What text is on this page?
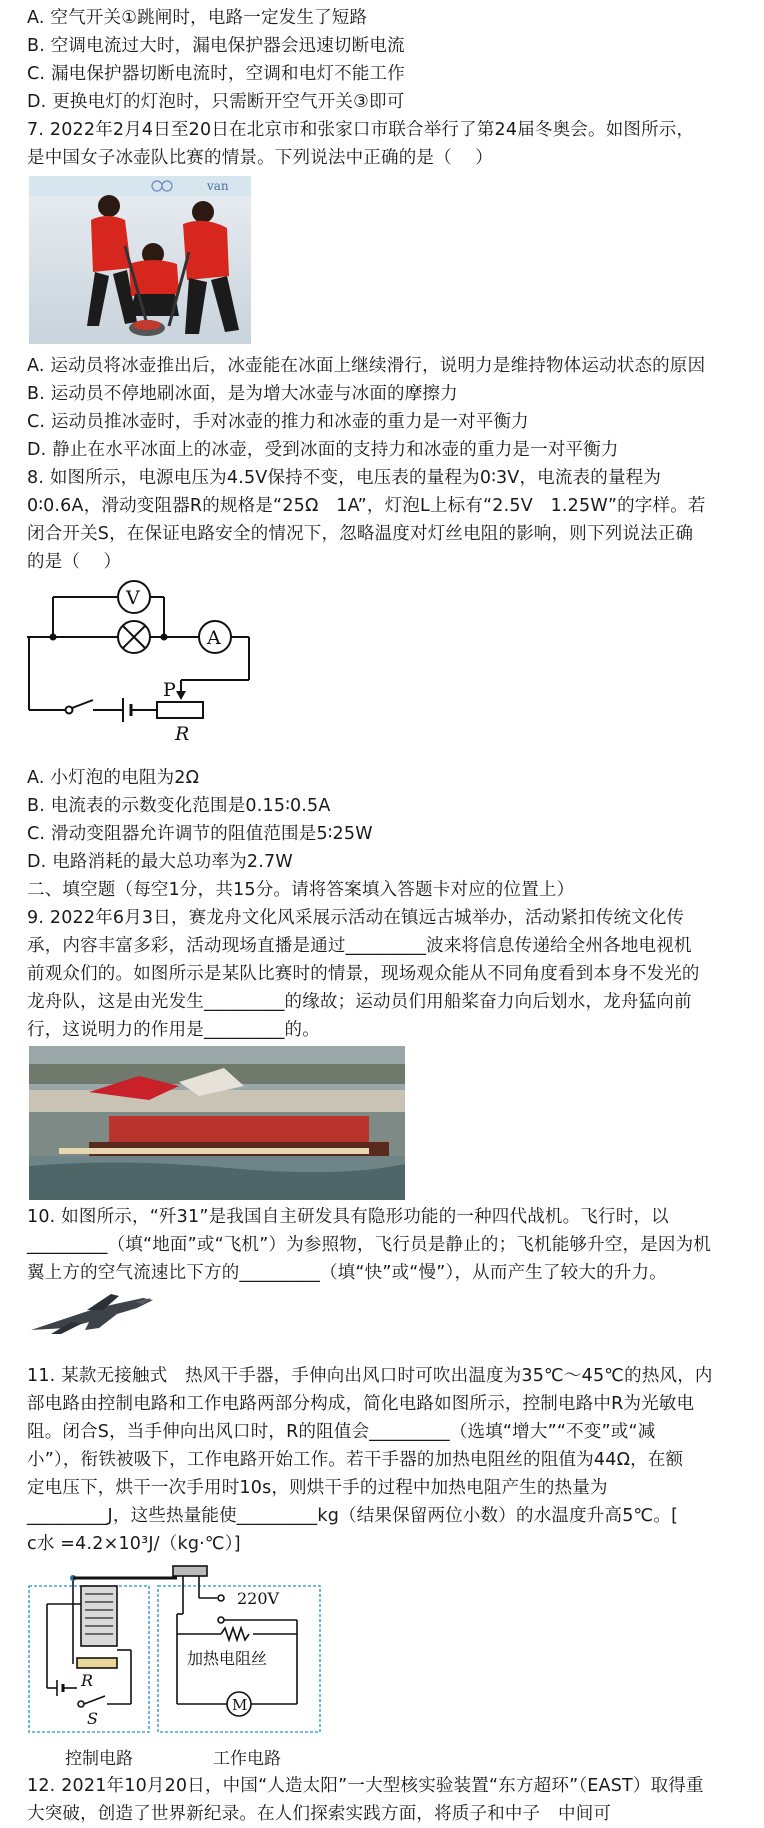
A. 空气开关①跳闸时，电路一定发生了短路
B. 空调电流过大时，漏电保护器会迅速切断电流
C. 漏电保护器切断电流时，空调和电灯不能工作
D. 更换电灯的灯泡时，只需断开空气开关③即可
7. 2022年2月4日至20日在北京市和张家口市联合举行了第24届冬奥会。如图所示，
是中国女子冰壶队比赛的情景。下列说法中正确的是（　 ）
van
A. 运动员将冰壶推出后，冰壶能在冰面上继续滑行，说明力是维持物体运动状态的原因
B. 运动员不停地刷冰面，是为增大冰壶与冰面的摩擦力
C. 运动员推冰壶时，手对冰壶的推力和冰壶的重力是一对平衡力
D. 静止在水平冰面上的冰壶，受到冰面的支持力和冰壶的重力是一对平衡力
8. 如图所示，电源电压为4.5V保持不变，电压表的量程为0∶3V，电流表的量程为
0∶0.6A，滑动变阻器R的规格是“25Ω　1A”，灯泡L上标有“2.5V　1.25W”的字样。若
闭合开关S，在保证电路安全的情况下，忽略温度对灯丝电阻的影响，则下列说法正确
的是（　 ）
V
A
P
R
A. 小灯泡的电阻为2Ω
B. 电流表的示数变化范围是0.15∶0.5A
C. 滑动变阻器允许调节的阻值范围是5∶25W
D. 电路消耗的最大总功率为2.7W
二、填空题（每空1分，共15分。请将答案填入答题卡对应的位置上）
9. 2022年6月3日，赛龙舟文化风采展示活动在镇远古城举办，活动紧扣传统文化传
承，内容丰富多彩，活动现场直播是通过_________波来将信息传递给全州各地电视机
前观众们的。如图所示是某队比赛时的情景，现场观众能从不同角度看到本身不发光的
龙舟队，这是由光发生_________的缘故；运动员们用船桨奋力向后划水，龙舟猛向前
行，这说明力的作用是_________的。
10. 如图所示，“歼31”是我国自主研发具有隐形功能的一种四代战机。飞行时，以
_________（填“地面”或“飞机”）为参照物，飞行员是静止的；飞机能够升空，是因为机
翼上方的空气流速比下方的_________（填“快”或“慢”），从而产生了较大的升力。
11. 某款无接触式　热风干手器，手伸向出风口时可吹出温度为35℃～45℃的热风，内
部电路由控制电路和工作电路两部分构成，简化电路如图所示，控制电路中R为光敏电
阻。闭合S，当手伸向出风口时，R的阻值会_________（选填“增大”“不变”或“减
小”），衔铁被吸下，工作电路开始工作。若干手器的加热电阻丝的阻值为44Ω，在额
定电压下，烘干一次手用时10s，则烘干手的过程中加热电阻产生的热量为
_________J，这些热量能使_________kg（结果保留两位小数）的水温度升高5℃。[
c水 =4.2×10³J/（kg·℃）]
R
S
220V
加热电阻丝
M
控制电路	工作电路
12. 2021年10月20日，中国“人造太阳”一大型核实验装置“东方超环”（EAST）取得重
大突破，创造了世界新纪录。在人们探索实践方面，将质子和中子　中间可
